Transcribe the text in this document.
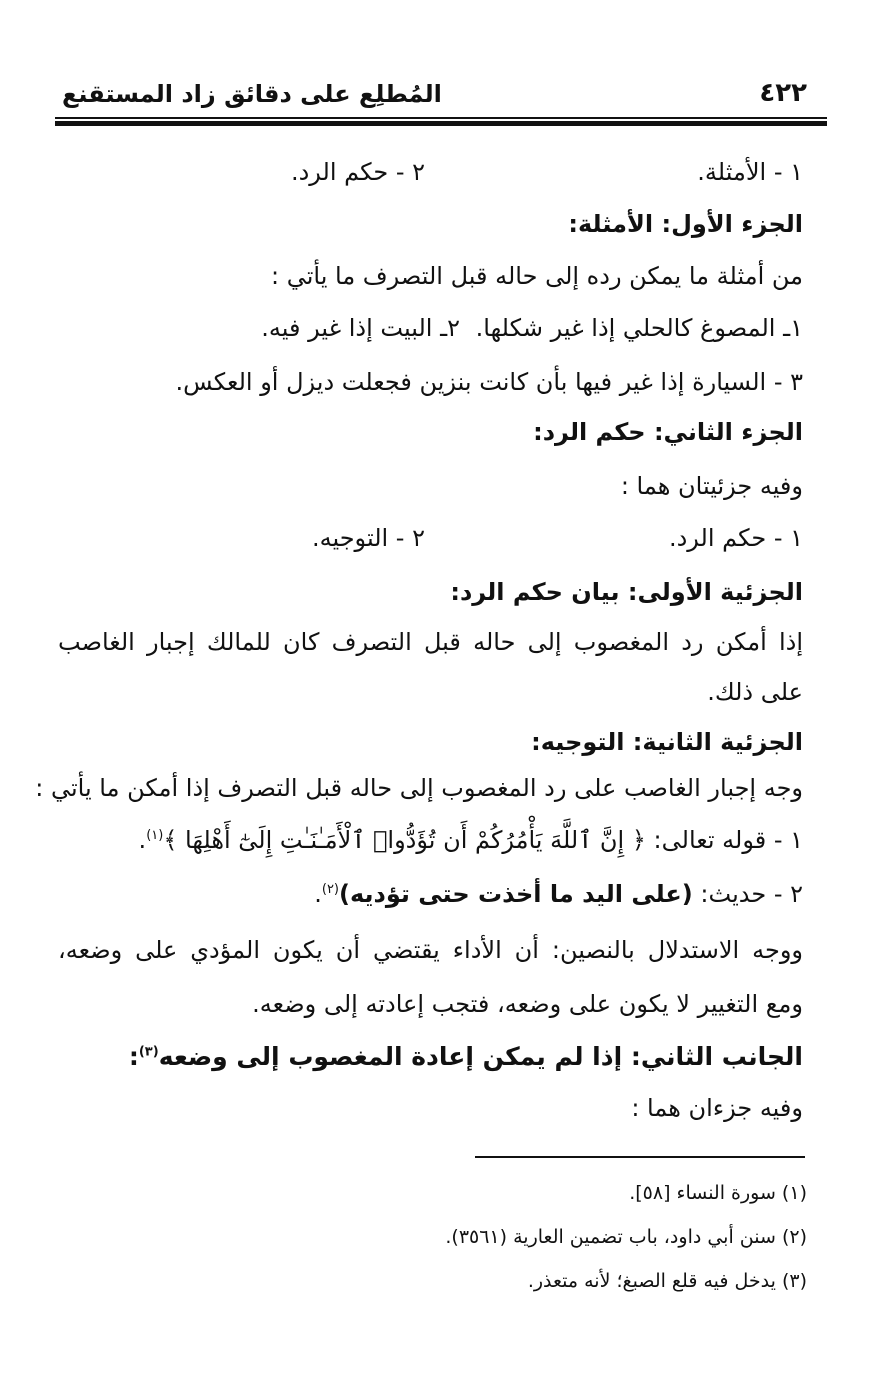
٤٢٢
المُطلِع على دقائق زاد المستقنع
١ - الأمثلة.
٢ - حكم الرد.
الجزء الأول: الأمثلة:
من أمثلة ما يمكن رده إلى حاله قبل التصرف ما يأتي :
١ـ المصوغ كالحلي إذا غير شكلها.
٢ـ البيت إذا غير فيه.
٣ - السيارة إذا غير فيها بأن كانت بنزين فجعلت ديزل أو العكس.
الجزء الثاني: حكم الرد:
وفيه جزئيتان هما :
١ - حكم الرد.
٢ - التوجيه.
الجزئية الأولى: بيان حكم الرد:
إذا أمكن رد المغصوب إلى حاله قبل التصرف كان للمالك إجبار الغاصب
على ذلك.
الجزئية الثانية: التوجيه:
وجه إجبار الغاصب على رد المغصوب إلى حاله قبل التصرف إذا أمكن ما يأتي :
١ - قوله تعالى: ﴿ إِنَّ ٱللَّهَ يَأْمُرُكُمْ أَن تُؤَدُّوا۟ ٱلْأَمَـٰنَـٰتِ إِلَىٰٓ أَهْلِهَا ﴾$^{(١)}$.
٢ - حديث: (على اليد ما أخذت حتى تؤديه)$^{(٢)}$.
ووجه الاستدلال بالنصين: أن الأداء يقتضي أن يكون المؤدي على وضعه،
ومع التغيير لا يكون على وضعه، فتجب إعادته إلى وضعه.
الجانب الثاني: إذا لم يمكن إعادة المغصوب إلى وضعه$^{(٣)}$:
وفيه جزءان هما :
(١) سورة النساء [٥٨].
(٢) سنن أبي داود، باب تضمين العارية (٣٥٦١).
(٣) يدخل فيه قلع الصبغ؛ لأنه متعذر.
